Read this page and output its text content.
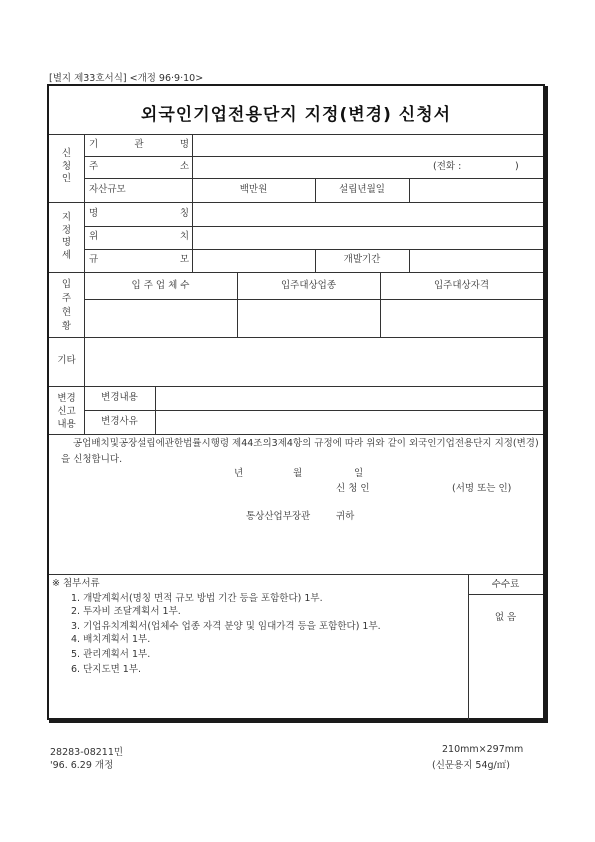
[별지 제33호서식] <개정 96·9·10>
외국인기업전용단지 지정(변경) 신청서
신
청
인
기	관	명
주	소	(전화 :	)
자산규모	백만원	설립년월일
지
정
명
세
명	칭
위	치
규	모	개발기간
입
주
현
황
입 주 업 체 수	입주대상업종	입주대상자격
기타
변경
신고
내용
변경내용
변경사유
공업배치및공장설립에관한법률시행령 제44조의3제4항의 규정에 따라 위와 같이 외국인기업전용단지 지정(변경)을 신청합니다.
년	월	일
신 청 인	(서명 또는 인)
통상산업부장관	귀하
※ 첨부서류
1. 개발계획서(명칭 면적 규모 방법 기간 등을 포함한다) 1부.
2. 투자비 조달계획서 1부.
3. 기업유치계획서(업체수 업종 자격 분양 및 임대가격 등을 포함한다) 1부.
4. 배치계획서 1부.
5. 관리계획서 1부.
6. 단지도면 1부.
수수료
없 음
28283-08211민
'96. 6.29 개정
210mm×297mm
(신문용지 54g/㎡)
